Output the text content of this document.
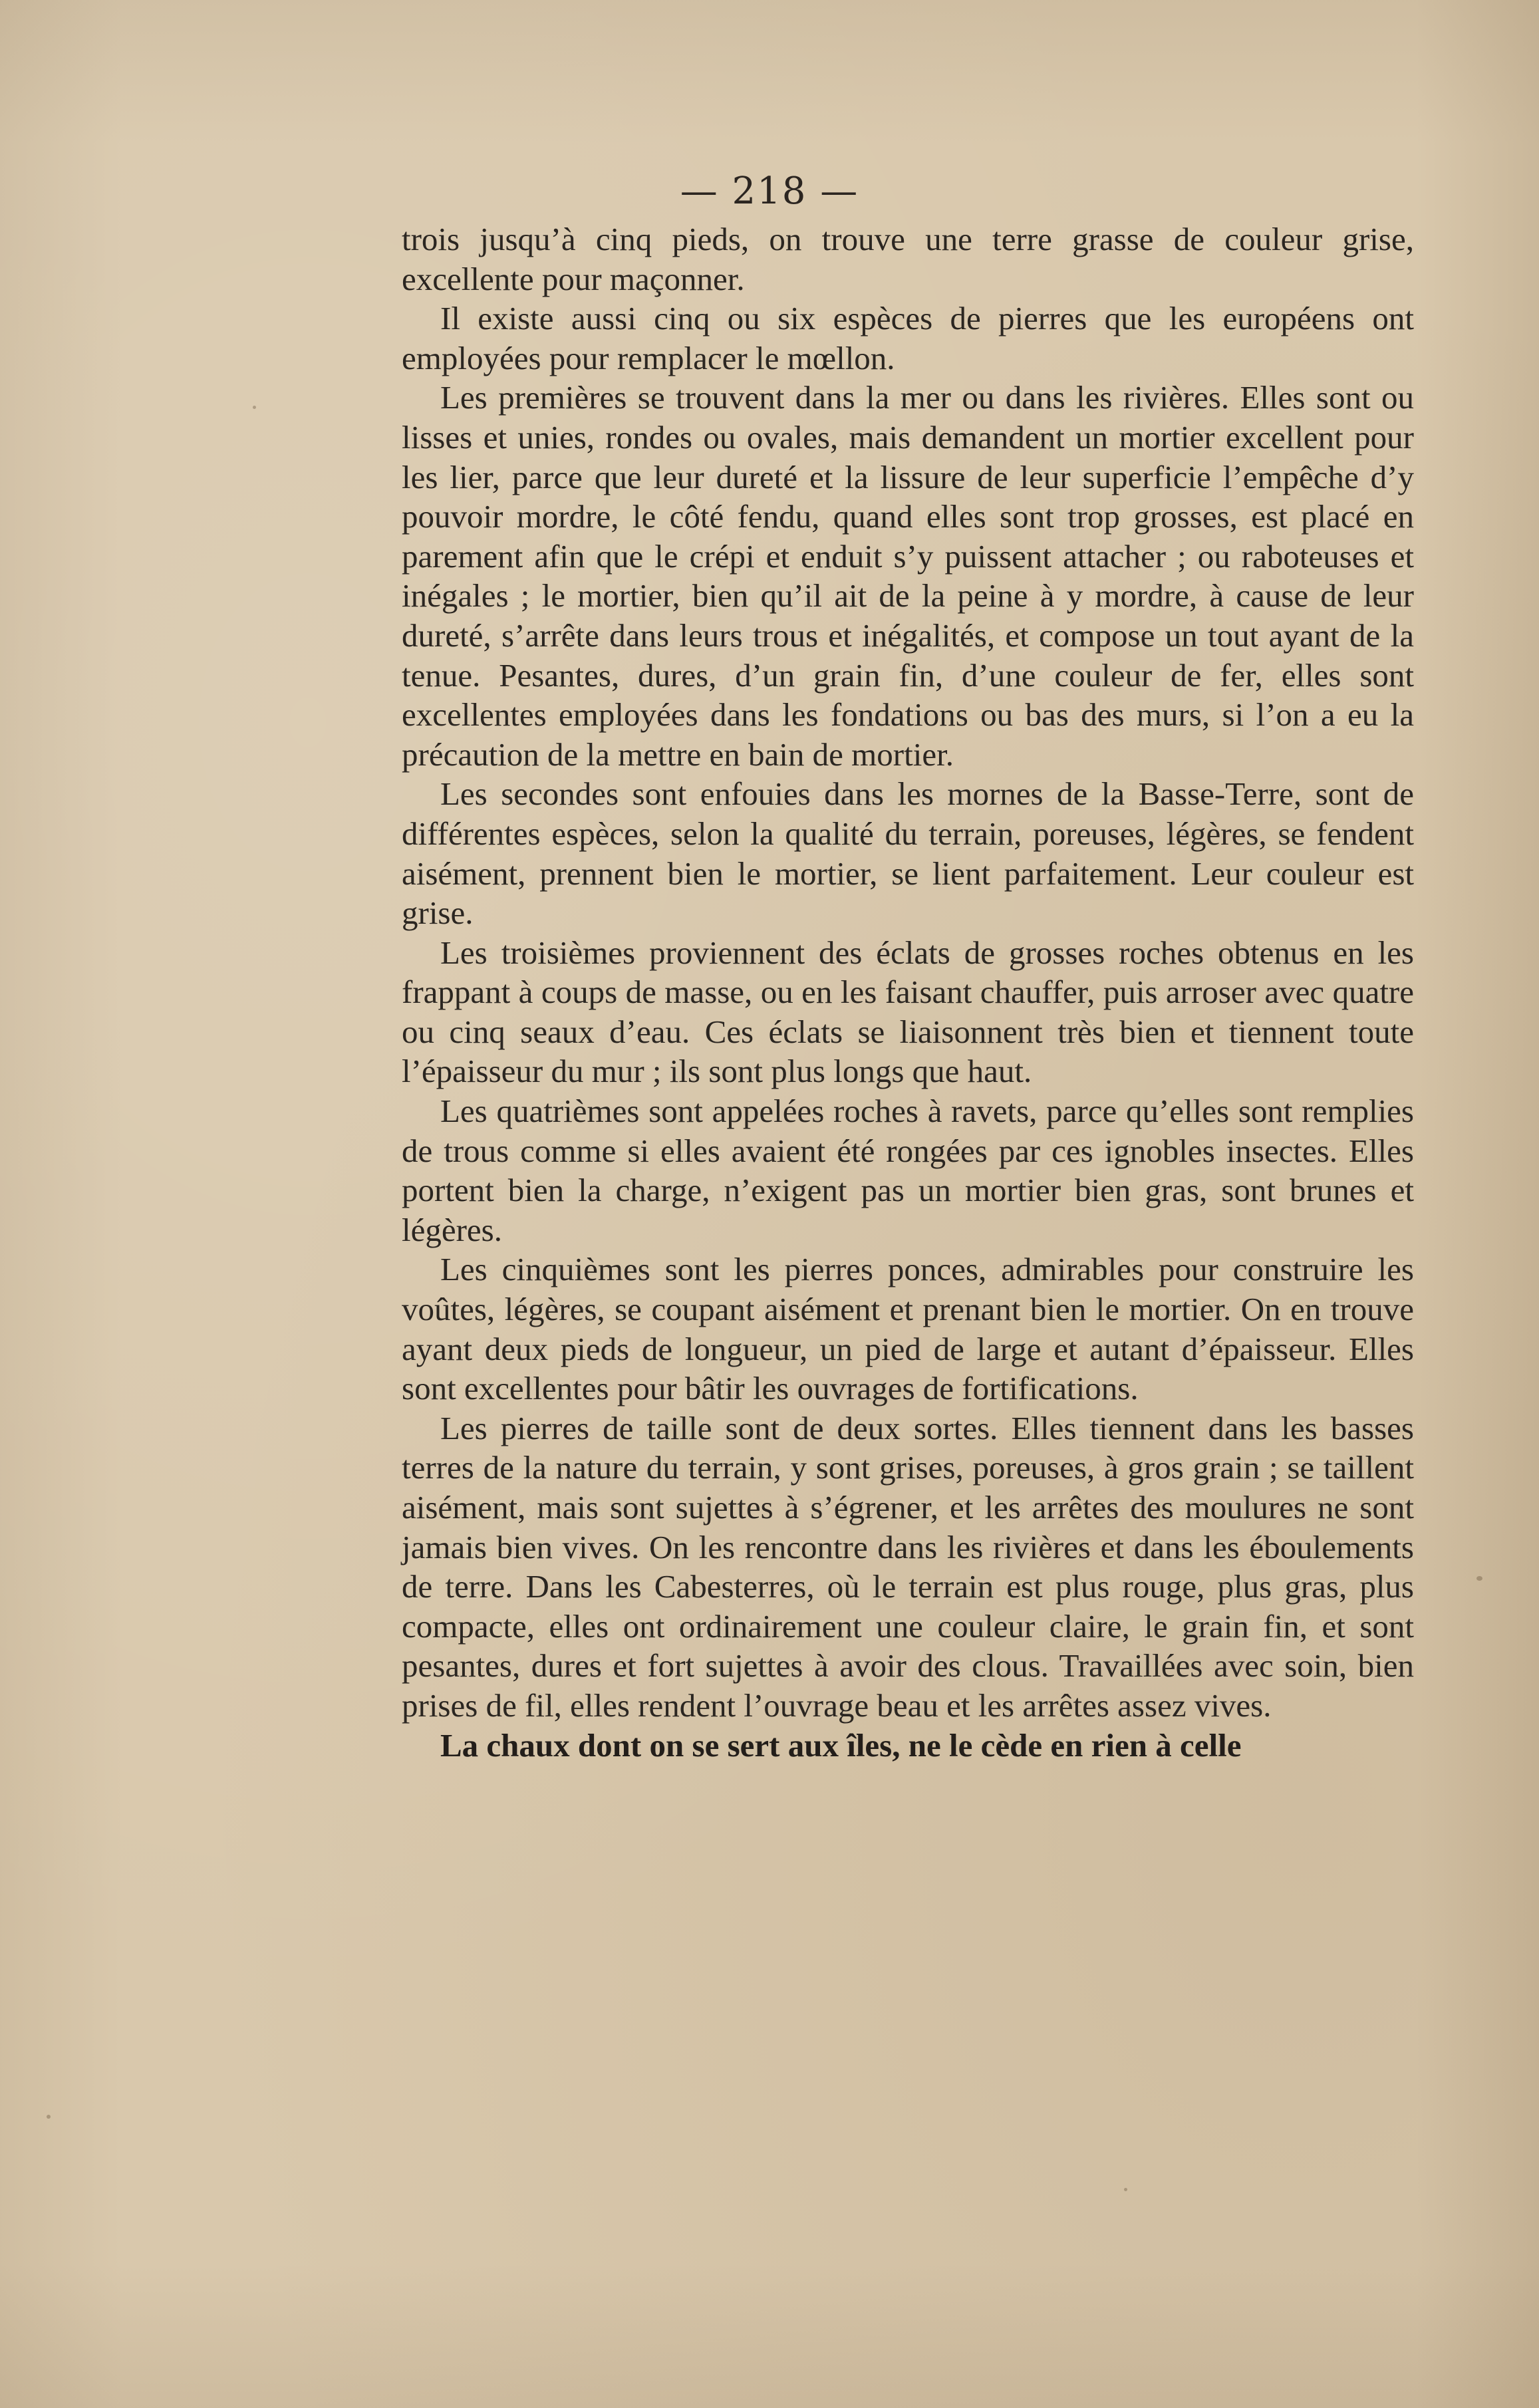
— 218 —

trois jusqu’à cinq pieds, on trouve une terre grasse de couleur grise, excellente pour maçonner.

Il existe aussi cinq ou six espèces de pierres que les européens ont employées pour remplacer le mœllon.

Les premières se trouvent dans la mer ou dans les rivières. Elles sont ou lisses et unies, rondes ou ovales, mais demandent un mortier excellent pour les lier, parce que leur dureté et la lissure de leur superficie l’empêche d’y pouvoir mordre, le côté fendu, quand elles sont trop grosses, est placé en parement afin que le crépi et enduit s’y puissent attacher ; ou raboteuses et inégales ; le mortier, bien qu’il ait de la peine à y mordre, à cause de leur dureté, s’arrête dans leurs trous et inégalités, et compose un tout ayant de la tenue. Pesantes, dures, d’un grain fin, d’une couleur de fer, elles sont excellentes employées dans les fondations ou bas des murs, si l’on a eu la précaution de la mettre en bain de mortier.

Les secondes sont enfouies dans les mornes de la Basse-Terre, sont de différentes espèces, selon la qualité du terrain, poreuses, légères, se fendent aisément, prennent bien le mortier, se lient parfaitement. Leur couleur est grise.

Les troisièmes proviennent des éclats de grosses roches obtenus en les frappant à coups de masse, ou en les faisant chauffer, puis arroser avec quatre ou cinq seaux d’eau. Ces éclats se liaisonnent très bien et tiennent toute l’épaisseur du mur ; ils sont plus longs que haut.

Les quatrièmes sont appelées roches à ravets, parce qu’elles sont remplies de trous comme si elles avaient été rongées par ces ignobles insectes. Elles portent bien la charge, n’exigent pas un mortier bien gras, sont brunes et légères.

Les cinquièmes sont les pierres ponces, admirables pour construire les voûtes, légères, se coupant aisément et prenant bien le mortier. On en trouve ayant deux pieds de longueur, un pied de large et autant d’épaisseur. Elles sont excellentes pour bâtir les ouvrages de fortifications.

Les pierres de taille sont de deux sortes. Elles tiennent dans les basses terres de la nature du terrain, y sont grises, poreuses, à gros grain ; se taillent aisément, mais sont sujettes à s’égrener, et les arrêtes des moulures ne sont jamais bien vives. On les rencontre dans les rivières et dans les éboulements de terre. Dans les Cabesterres, où le terrain est plus rouge, plus gras, plus compacte, elles ont ordinairement une couleur claire, le grain fin, et sont pesantes, dures et fort sujettes à avoir des clous. Travaillées avec soin, bien prises de fil, elles rendent l’ouvrage beau et les arrêtes assez vives.

La chaux dont on se sert aux îles, ne le cède en rien à celle
